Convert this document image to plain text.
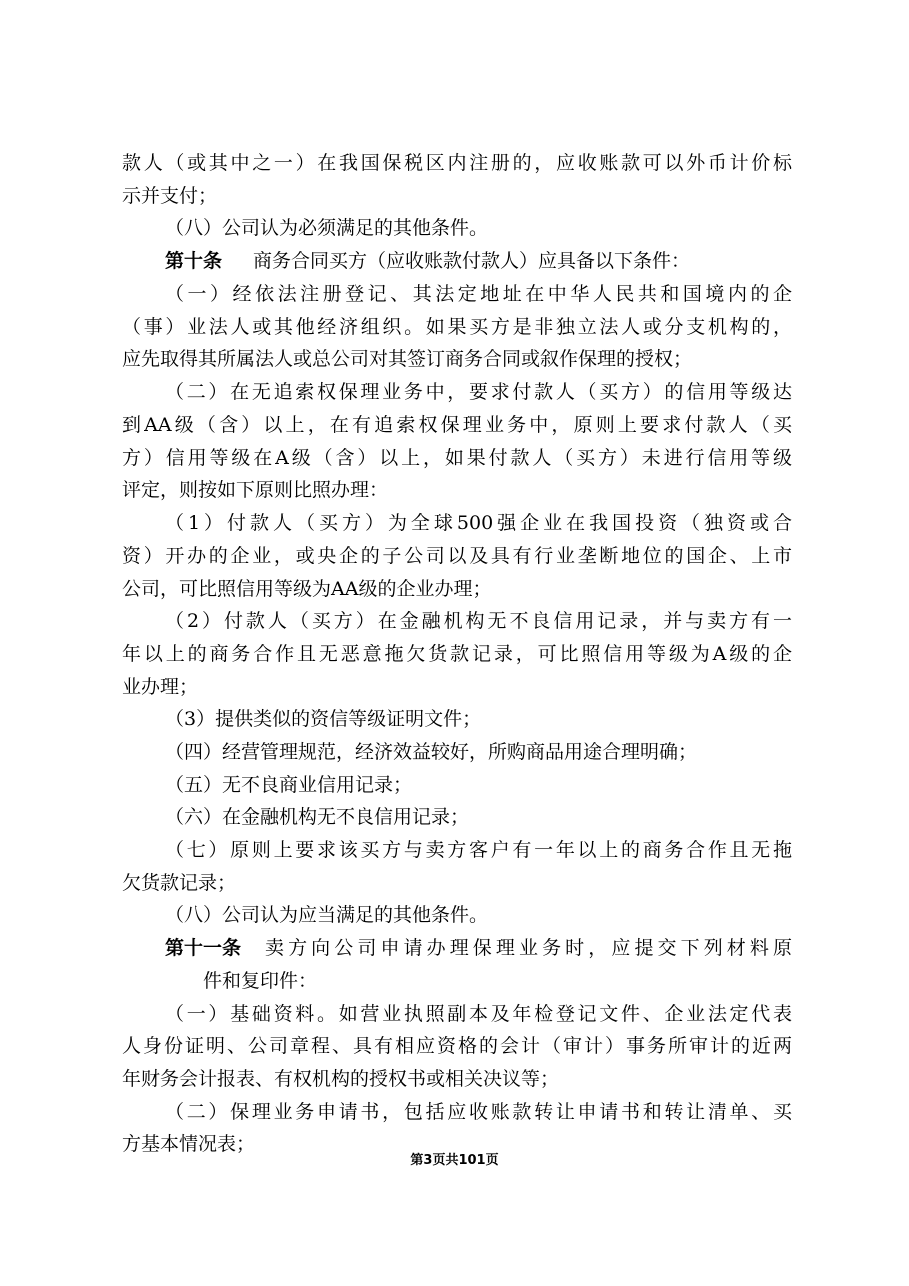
款人（或其中之一）在我国保税区内注册的，应收账款可以外币计价标
示并支付；
（八）公司认为必须满足的其他条件。
第十条 商务合同买方（应收账款付款人）应具备以下条件：
（一）经依法注册登记、其法定地址在中华人民共和国境内的企
（事）业法人或其他经济组织。如果买方是非独立法人或分支机构的，
应先取得其所属法人或总公司对其签订商务合同或叙作保理的授权；
（二）在无追索权保理业务中，要求付款人（买方）的信用等级达
到AA级（含）以上，在有追索权保理业务中，原则上要求付款人（买
方）信用等级在A级（含）以上，如果付款人（买方）未进行信用等级
评定，则按如下原则比照办理：
（1）付款人（买方）为全球500强企业在我国投资（独资或合
资）开办的企业，或央企的子公司以及具有行业垄断地位的国企、上市
公司，可比照信用等级为AA级的企业办理；
（2）付款人（买方）在金融机构无不良信用记录，并与卖方有一
年以上的商务合作且无恶意拖欠货款记录，可比照信用等级为A级的企
业办理；
（3）提供类似的资信等级证明文件；
（四）经营管理规范，经济效益较好，所购商品用途合理明确；
（五）无不良商业信用记录；
（六）在金融机构无不良信用记录；
（七）原则上要求该买方与卖方客户有一年以上的商务合作且无拖
欠货款记录；
（八）公司认为应当满足的其他条件。
第十一条 卖方向公司申请办理保理业务时，应提交下列材料原
件和复印件：
（一）基础资料。如营业执照副本及年检登记文件、企业法定代表
人身份证明、公司章程、具有相应资格的会计（审计）事务所审计的近两
年财务会计报表、有权机构的授权书或相关决议等；
（二）保理业务申请书，包括应收账款转让申请书和转让清单、买
方基本情况表；
第3页共101页
